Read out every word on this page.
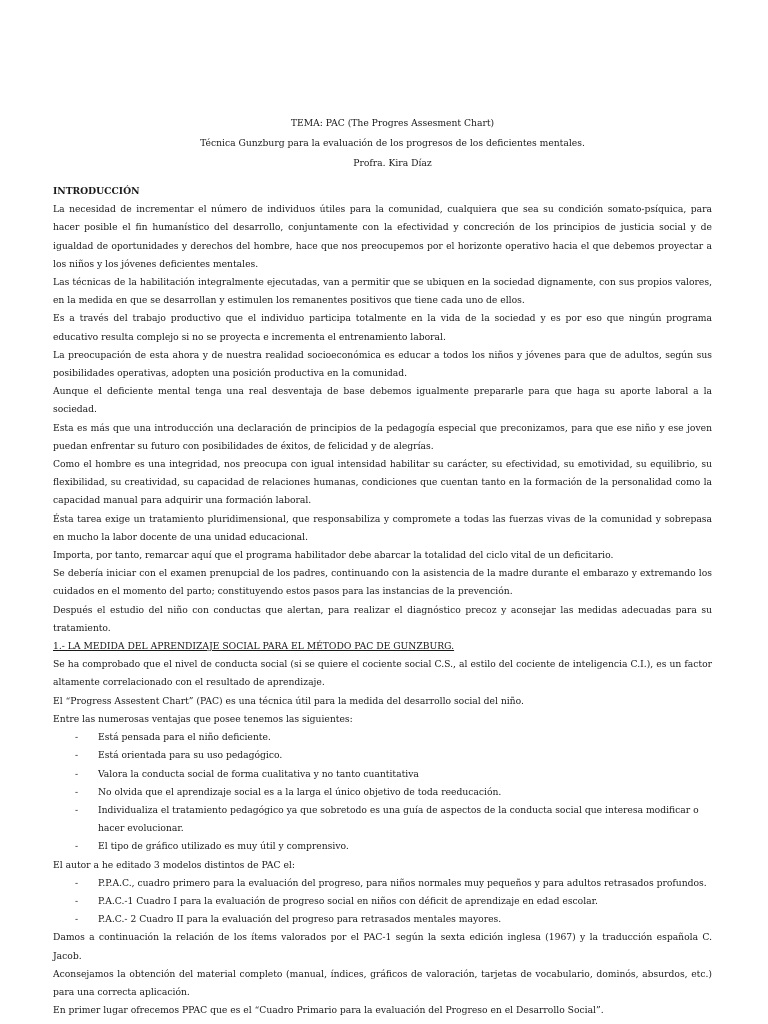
TEMA: PAC (The Progres Assesment Chart)
Técnica Gunzburg para la evaluación de los progresos de los deficientes mentales.
Profra. Kira Díaz
INTRODUCCIÓN

La necesidad de incrementar el número de individuos útiles para la comunidad, cualquiera que sea su condición somato-psíquica, para hacer posible el fin humanístico del desarrollo, conjuntamente con la efectividad y concreción de los principios de justicia social y de igualdad de oportunidades y derechos del hombre, hace que nos preocupemos por el horizonte operativo hacia el que debemos proyectar a los niños y los jóvenes deficientes mentales.

Las técnicas de la habilitación integralmente ejecutadas, van a permitir que se ubiquen en la sociedad dignamente, con sus propios valores, en la medida en que se desarrollan y estimulen los remanentes positivos que tiene cada uno de ellos.

Es a través del trabajo productivo que el individuo participa totalmente en la vida de la sociedad y es por eso que ningún programa educativo resulta complejo si no se proyecta e incrementa el entrenamiento laboral.

La preocupación de esta ahora y de nuestra realidad socioeconómica es educar a todos los niños y jóvenes para que de adultos, según sus posibilidades operativas, adopten una posición productiva en la comunidad.

Aunque el deficiente mental tenga una real desventaja de base debemos igualmente prepararle para que haga su aporte laboral a la sociedad.

Esta es más que una introducción una declaración de principios de la pedagogía especial que preconizamos, para que ese niño y ese joven puedan enfrentar su futuro con posibilidades de éxitos, de felicidad y de alegrías.

Como el hombre es una integridad, nos preocupa con igual intensidad habilitar su carácter, su efectividad, su emotividad, su equilibrio, su flexibilidad, su creatividad, su capacidad de relaciones humanas, condiciones que cuentan tanto en la formación de la personalidad como la capacidad manual para adquirir una formación laboral.

Ésta tarea exige un tratamiento pluridimensional, que responsabiliza y compromete a todas las fuerzas vivas de la comunidad y sobrepasa en mucho la labor docente de una unidad educacional.

Importa, por tanto, remarcar aquí que el programa habilitador debe abarcar la totalidad del ciclo vital de un deficitario.

Se debería iniciar con el examen prenupcial de los padres, continuando con la asistencia de la madre durante el embarazo y extremando los cuidados en el momento del parto; constituyendo estos pasos para las instancias de la prevención.

Después el estudio del niño con conductas que alertan, para realizar el diagnóstico precoz y aconsejar las medidas adecuadas para su tratamiento.

1.- LA MEDIDA DEL APRENDIZAJE SOCIAL PARA EL MÉTODO PAC DE GUNZBURG.

Se ha comprobado que el nivel de conducta social (si se quiere el cociente social C.S., al estilo del cociente de inteligencia C.I.), es un factor altamente correlacionado con el resultado de aprendizaje.

El “Progress Assestent Chart” (PAC) es una técnica útil para la medida del desarrollo social del niño.

Entre las numerosas ventajas que posee tenemos las siguientes:

- Está pensada para el niño deficiente.
- Está orientada para su uso pedagógico.
- Valora la conducta social de forma cualitativa y no tanto cuantitativa
- No olvida que el aprendizaje social es a la larga el único objetivo de toda reeducación.
- Individualiza el tratamiento pedagógico ya que sobretodo es una guía de aspectos de la conducta social que interesa modificar o hacer evolucionar.
- El tipo de gráfico utilizado es muy útil y comprensivo.

El autor a he editado 3 modelos distintos de PAC el:

- P.P.A.C., cuadro primero para la evaluación del progreso, para niños normales muy pequeños y para adultos retrasados profundos.
- P.A.C.-1 Cuadro I para la evaluación de progreso social en niños con déficit de aprendizaje en edad escolar.
- P.A.C.- 2 Cuadro II para la evaluación del progreso para retrasados mentales mayores.

Damos a continuación la relación de los ítems valorados por el PAC-1 según la sexta edición inglesa (1967) y la traducción española C. Jacob.

Aconsejamos la obtención del material completo (manual, índices, gráficos de valoración, tarjetas de vocabulario, dominós, absurdos, etc.) para una correcta aplicación.

En primer lugar ofrecemos PPAC que es el “Cuadro Primario para la evaluación del Progreso en el Desarrollo Social”.
